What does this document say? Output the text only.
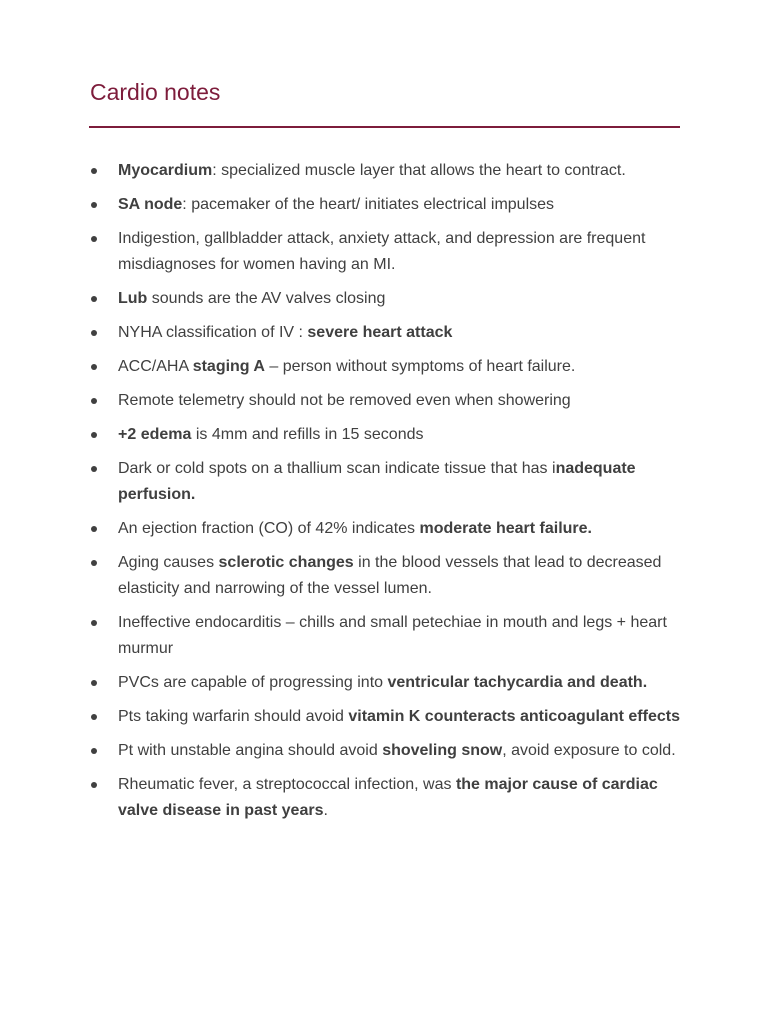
Cardio notes
Myocardium: specialized muscle layer that allows the heart to contract.
SA node: pacemaker of the heart/ initiates electrical impulses
Indigestion, gallbladder attack, anxiety attack, and depression are frequent misdiagnoses for women having an MI.
Lub sounds are the AV valves closing
NYHA classification of IV : severe heart attack
ACC/AHA staging A – person without symptoms of heart failure.
Remote telemetry should not be removed even when showering
+2 edema is 4mm and refills in 15 seconds
Dark or cold spots on a thallium scan indicate tissue that has inadequate perfusion.
An ejection fraction (CO) of 42% indicates moderate heart failure.
Aging causes sclerotic changes in the blood vessels that lead to decreased elasticity and narrowing of the vessel lumen.
Ineffective endocarditis – chills and small petechiae in mouth and legs + heart murmur
PVCs are capable of progressing into ventricular tachycardia and death.
Pts taking warfarin should avoid vitamin K counteracts anticoagulant effects
Pt with unstable angina should avoid shoveling snow, avoid exposure to cold.
Rheumatic fever, a streptococcal infection, was the major cause of cardiac valve disease in past years.
